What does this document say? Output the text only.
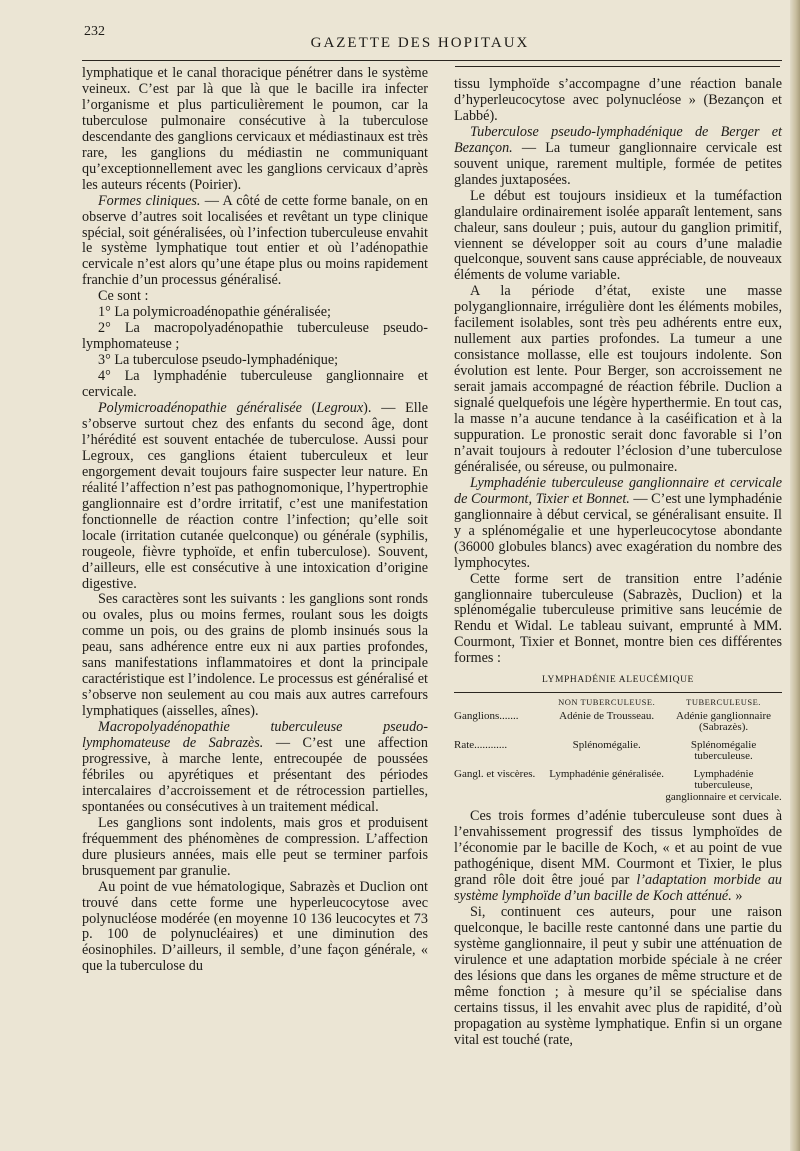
232
GAZETTE DES HOPITAUX

lymphatique et le canal thoracique pénétrer dans le système veineux. C’est par là que là que le bacille ira infecter l’organisme et plus particulièrement le poumon, car la tuberculose pulmonaire consécutive à la tuberculose descendante des ganglions cervicaux et médiastinaux est très rare, les ganglions du médiastin ne communiquant qu’exceptionnellement avec les ganglions cervicaux d’après les auteurs récents (Poirier).

Formes cliniques. — A côté de cette forme banale, on en observe d’autres soit localisées et revêtant un type clinique spécial, soit généralisées, où l’infection tuberculeuse envahit le système lymphatique tout entier et où l’adénopathie cervicale n’est alors qu’une étape plus ou moins rapidement franchie d’un processus généralisé.

Ce sont :

1° La polymicroadénopathie généralisée;

2° La macropolyadénopathie tuberculeuse pseudo-lymphomateuse ;

3° La tuberculose pseudo-lymphadénique;

4° La lymphadénie tuberculeuse ganglionnaire et cervicale.

Polymicroadénopathie généralisée (Legroux). — Elle s’observe surtout chez des enfants du second âge, dont l’hérédité est souvent entachée de tuberculose. Aussi pour Legroux, ces ganglions étaient tuberculeux et leur engorgement devait toujours faire suspecter leur nature. En réalité l’affection n’est pas pathognomonique, l’hypertrophie ganglionnaire est d’ordre irritatif, c’est une manifestation fonctionnelle de réaction contre l’infection; qu’elle soit locale (irritation cutanée quelconque) ou générale (syphilis, rougeole, fièvre typhoïde, et enfin tuberculose). Souvent, d’ailleurs, elle est consécutive à une intoxication d’origine digestive.

Ses caractères sont les suivants : les ganglions sont ronds ou ovales, plus ou moins fermes, roulant sous les doigts comme un pois, ou des grains de plomb insinués sous la peau, sans adhérence entre eux ni aux parties profondes, sans manifestations inflammatoires et dont la principale caractéristique est l’indolence. Le processus est généralisé et s’observe non seulement au cou mais aux autres carrefours lymphatiques (aisselles, aînes).

Macropolyadénopathie tuberculeuse pseudo-lymphomateuse de Sabrazès. — C’est une affection progressive, à marche lente, entrecoupée de poussées fébriles ou apyrétiques et présentant des périodes intercalaires d’accroissement et de rétrocession partielles, spontanées ou consécutives à un traitement médical.

Les ganglions sont indolents, mais gros et produisent fréquemment des phénomènes de compression. L’affection dure plusieurs années, mais elle peut se terminer parfois brusquement par granulie.

Au point de vue hématologique, Sabrazès et Duclion ont trouvé dans cette forme une hyperleucocytose avec polynucléose modérée (en moyenne 10 136 leucocytes et 73 p. 100 de polynucléaires) et une diminution des éosinophiles. D’ailleurs, il semble, d’une façon générale, « que la tuberculose du

tissu lymphoïde s’accompagne d’une réaction banale d’hyperleucocytose avec polynucléose » (Bezançon et Labbé).

Tuberculose pseudo-lymphadénique de Berger et Bezançon. — La tumeur ganglionnaire cervicale est souvent unique, rarement multiple, formée de petites glandes juxtaposées.

Le début est toujours insidieux et la tuméfaction glandulaire ordinairement isolée apparaît lentement, sans chaleur, sans douleur ; puis, autour du ganglion primitif, viennent se développer soit au cours d’une maladie quelconque, souvent sans cause appréciable, de nouveaux éléments de volume variable.

A la période d’état, existe une masse polyganglionnaire, irrégulière dont les éléments mobiles, facilement isolables, sont très peu adhérents entre eux, nullement aux parties profondes. La tumeur a une consistance mollasse, elle est toujours indolente. Son évolution est lente. Pour Berger, son accroissement ne serait jamais accompagné de réaction fébrile. Duclion a signalé quelquefois une légère hyperthermie. En tout cas, la masse n’a aucune tendance à la caséification et à la suppuration. Le pronostic serait donc favorable si l’on n’avait toujours à redouter l’éclosion d’une tuberculose généralisée, ou séreuse, ou pulmonaire.

Lymphadénie tuberculeuse ganglionnaire et cervicale de Courmont, Tixier et Bonnet. — C’est une lymphadénie ganglionnaire à début cervical, se généralisant ensuite. Il y a splénomégalie et une hyperleucocytose abondante (36000 globules blancs) avec exagération du nombre des lymphocytes.

Cette forme sert de transition entre l’adénie ganglionnaire tuberculeuse (Sabrazès, Duclion) et la splénomégalie tuberculeuse primitive sans leucémie de Rendu et Widal. Le tableau suivant, emprunté à MM. Courmont, Tixier et Bonnet, montre bien ces différentes formes :

LYMPHADÉNIE ALEUCÉMIQUE
	NON TUBERCULEUSE.	TUBERCULEUSE.
Ganglions.......	Adénie de Trousseau.	Adénie ganglionnaire (Sabrazès).
Rate............	Splénomégalie.	Splénomégalie tuberculeuse.
Gangl. et viscères.	Lymphadénie généralisée.	Lymphadénie tuberculeuse, ganglionnaire et cervicale.

Ces trois formes d’adénie tuberculeuse sont dues à l’envahissement progressif des tissus lymphoïdes de l’économie par le bacille de Koch, « et au point de vue pathogénique, disent MM. Courmont et Tixier, le plus grand rôle doit être joué par l’adaptation morbide au système lymphoïde d’un bacille de Koch atténué. »

Si, continuent ces auteurs, pour une raison quelconque, le bacille reste cantonné dans une partie du système ganglionnaire, il peut y subir une atténuation de virulence et une adaptation morbide spéciale à ne créer des lésions que dans les organes de même structure et de même fonction ; à mesure qu’il se spécialise dans certains tissus, il les envahit avec plus de rapidité, d’où propagation au système lymphatique. Enfin si un organe vital est touché (rate,
